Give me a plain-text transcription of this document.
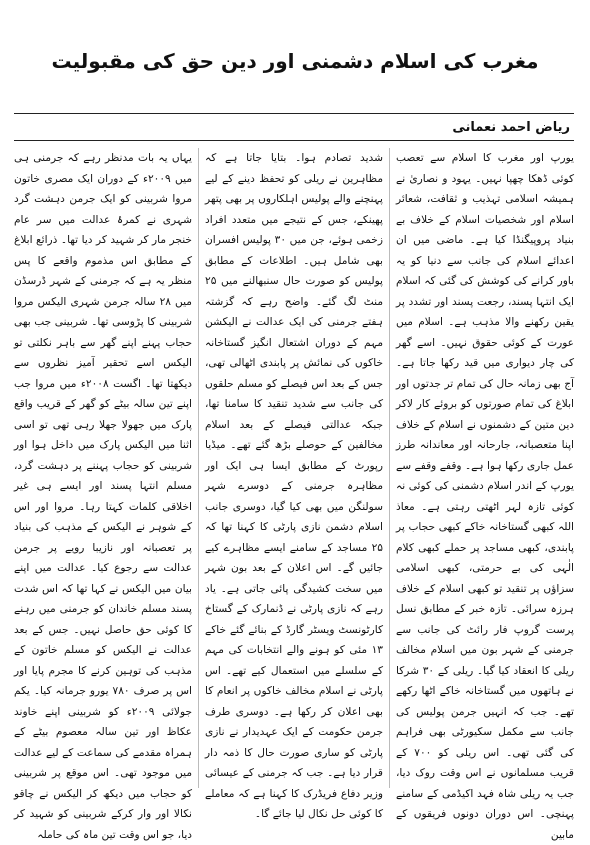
مغرب کی اسلام دشمنی اور دین حق کی مقبولیت
ریاض احمد نعمانی

یورپ اور مغرب کا اسلام سے تعصب کوئی ڈھکا چھپا نہیں۔ یہود و نصاریٰ نے ہمیشہ اسلامی تہذیب و ثقافت، شعائر اسلام اور شخصیات اسلام کے خلاف بے بنیاد پروپیگنڈا کیا ہے۔ ماضی میں ان اعدائے اسلام کی جانب سے دنیا کو یہ باور کرانے کی کوشش کی گئی کہ اسلام ایک انتہا پسند، رجعت پسند اور تشدد پر یقین رکھنے والا مذہب ہے۔ اسلام میں عورت کے کوئی حقوق نہیں۔ اسے گھر کی چار دیواری میں قید رکھا جاتا ہے۔ آج بھی زمانہ حال کی تمام تر جدتوں اور ابلاغ کی تمام صورتوں کو بروئے کار لاکر دین متین کے دشمنوں نے اسلام کے خلاف اپنا متعصبانہ، جارحانہ اور معاندانہ طرز عمل جاری رکھا ہوا ہے۔ وقفے وقفے سے یورپ کے اندر اسلام دشمنی کی کوئی نہ کوئی تازہ لہر اٹھتی رہتی ہے۔ معاذ اللہ کبھی گستاخانہ خاکے کبھی حجاب پر پابندی، کبھی مساجد پر حملے کبھی کلام الٰہی کی بے حرمتی، کبھی اسلامی سزاؤں پر تنقید تو کبھی اسلام کے خلاف ہرزہ سرائی۔ تازہ خبر کے مطابق نسل پرست گروپ فار رائٹ کی جانب سے جرمنی کے شہر بون میں اسلام مخالف ریلی کا انعقاد کیا گیا۔ ریلی کے ۳۰ شرکا نے ہاتھوں میں گستاخانہ خاکے اٹھا رکھے تھے۔ جب کہ انہیں جرمن پولیس کی جانب سے مکمل سکیورٹی بھی فراہم کی گئی تھی۔ اس ریلی کو ۷۰۰ کے قریب مسلمانوں نے اس وقت روک دیا، جب یہ ریلی شاہ فہد اکیڈمی کے سامنے پہنچی۔ اس دوران دونوں فریقوں کے مابین

شدید تصادم ہوا۔ بتایا جاتا ہے کہ مظاہرین نے ریلی کو تحفظ دینے کے لیے پہنچنے والے پولیس اہلکاروں پر بھی پتھر پھینکے، جس کے نتیجے میں متعدد افراد زخمی ہوئے، جن میں ۳۰ پولیس افسران بھی شامل ہیں۔ اطلاعات کے مطابق پولیس کو صورت حال سنبھالنے میں ۲۵ منٹ لگ گئے۔ واضح رہے کہ گزشتہ ہفتے جرمنی کی ایک عدالت نے الیکشن مہم کے دوران اشتعال انگیز گستاخانہ خاکوں کی نمائش پر پابندی اٹھالی تھی، جس کے بعد اس فیصلے کو مسلم حلقوں کی جانب سے شدید تنقید کا سامنا تھا، جبکہ عدالتی فیصلے کے بعد اسلام مخالفین کے حوصلے بڑھ گئے تھے۔ میڈیا رپورٹ کے مطابق ایسا ہی ایک اور مظاہرہ جرمنی کے دوسرے شہر سولنگن میں بھی کیا گیا، دوسری جانب اسلام دشمن نازی پارٹی کا کہنا تھا کہ ۲۵ مساجد کے سامنے ایسے مظاہرے کیے جائیں گے۔ اس اعلان کے بعد بون شہر میں سخت کشیدگی پائی جاتی ہے۔ یاد رہے کہ نازی پارٹی نے ڈنمارک کے گستاخ کارٹونسٹ ویسٹر گارڈ کے بنائے گئے خاکے ۱۳ مئی کو ہونے والے انتخابات کی مہم کے سلسلے میں استعمال کیے تھے۔ اس پارٹی نے اسلام مخالف خاکوں پر انعام کا بھی اعلان کر رکھا ہے۔ دوسری طرف جرمن حکومت کے ایک عہدیدار نے نازی پارٹی کو ساری صورت حال کا ذمہ دار قرار دیا ہے۔ جب کہ جرمنی کے عیسائی وزیر دفاع فریڈرک کا کہنا ہے کہ معاملے کا کوئی حل نکال لیا جائے گا۔

یہاں یہ بات مدنظر رہے کہ جرمنی ہی میں ۲۰۰۹ء کے دوران ایک مصری خاتون مروا شربینی کو ایک جرمن دہشت گرد شہری نے کمرۂ عدالت میں سر عام خنجر مار کر شہید کر دیا تھا۔ ذرائع ابلاغ کے مطابق اس مذموم واقعے کا پس منظر یہ ہے کہ جرمنی کے شہر ڈرسڈن میں ۲۸ سالہ جرمن شہری الیکس مروا شربینی کا پڑوسی تھا۔ شربینی جب بھی حجاب پہنے اپنے گھر سے باہر نکلتی تو الیکس اسے تحقیر آمیز نظروں سے دیکھتا تھا۔ اگست ۲۰۰۸ء میں مروا جب اپنے تین سالہ بیٹے کو گھر کے قریب واقع پارک میں جھولا جھلا رہی تھی تو اسی اثنا میں الیکس پارک میں داخل ہوا اور شربینی کو حجاب پہننے پر دہشت گرد، مسلم انتہا پسند اور ایسے ہی غیر اخلاقی کلمات کہتا رہا۔ مروا اور اس کے شوہر نے الیکس کے مذہب کی بنیاد پر تعصبانہ اور نازیبا رویے پر جرمن عدالت سے رجوع کیا۔ عدالت میں اپنے بیان میں الیکس نے کہا تھا کہ اس شدت پسند مسلم خاندان کو جرمنی میں رہنے کا کوئی حق حاصل نہیں۔ جس کے بعد عدالت نے الیکس کو مسلم خاتون کے مذہب کی توہین کرنے کا مجرم پایا اور اس پر صرف ۷۸۰ یورو جرمانہ کیا۔ یکم جولائی ۲۰۰۹ء کو شربینی اپنے خاوند عکاظ اور تین سالہ معصوم بیٹے کے ہمراہ مقدمے کی سماعت کے لیے عدالت میں موجود تھی۔ اس موقع پر شربینی کو حجاب میں دیکھ کر الیکس نے چاقو نکالا اور وار کرکے شربینی کو شہید کر دیا، جو اس وقت تین ماہ کی حاملہ
